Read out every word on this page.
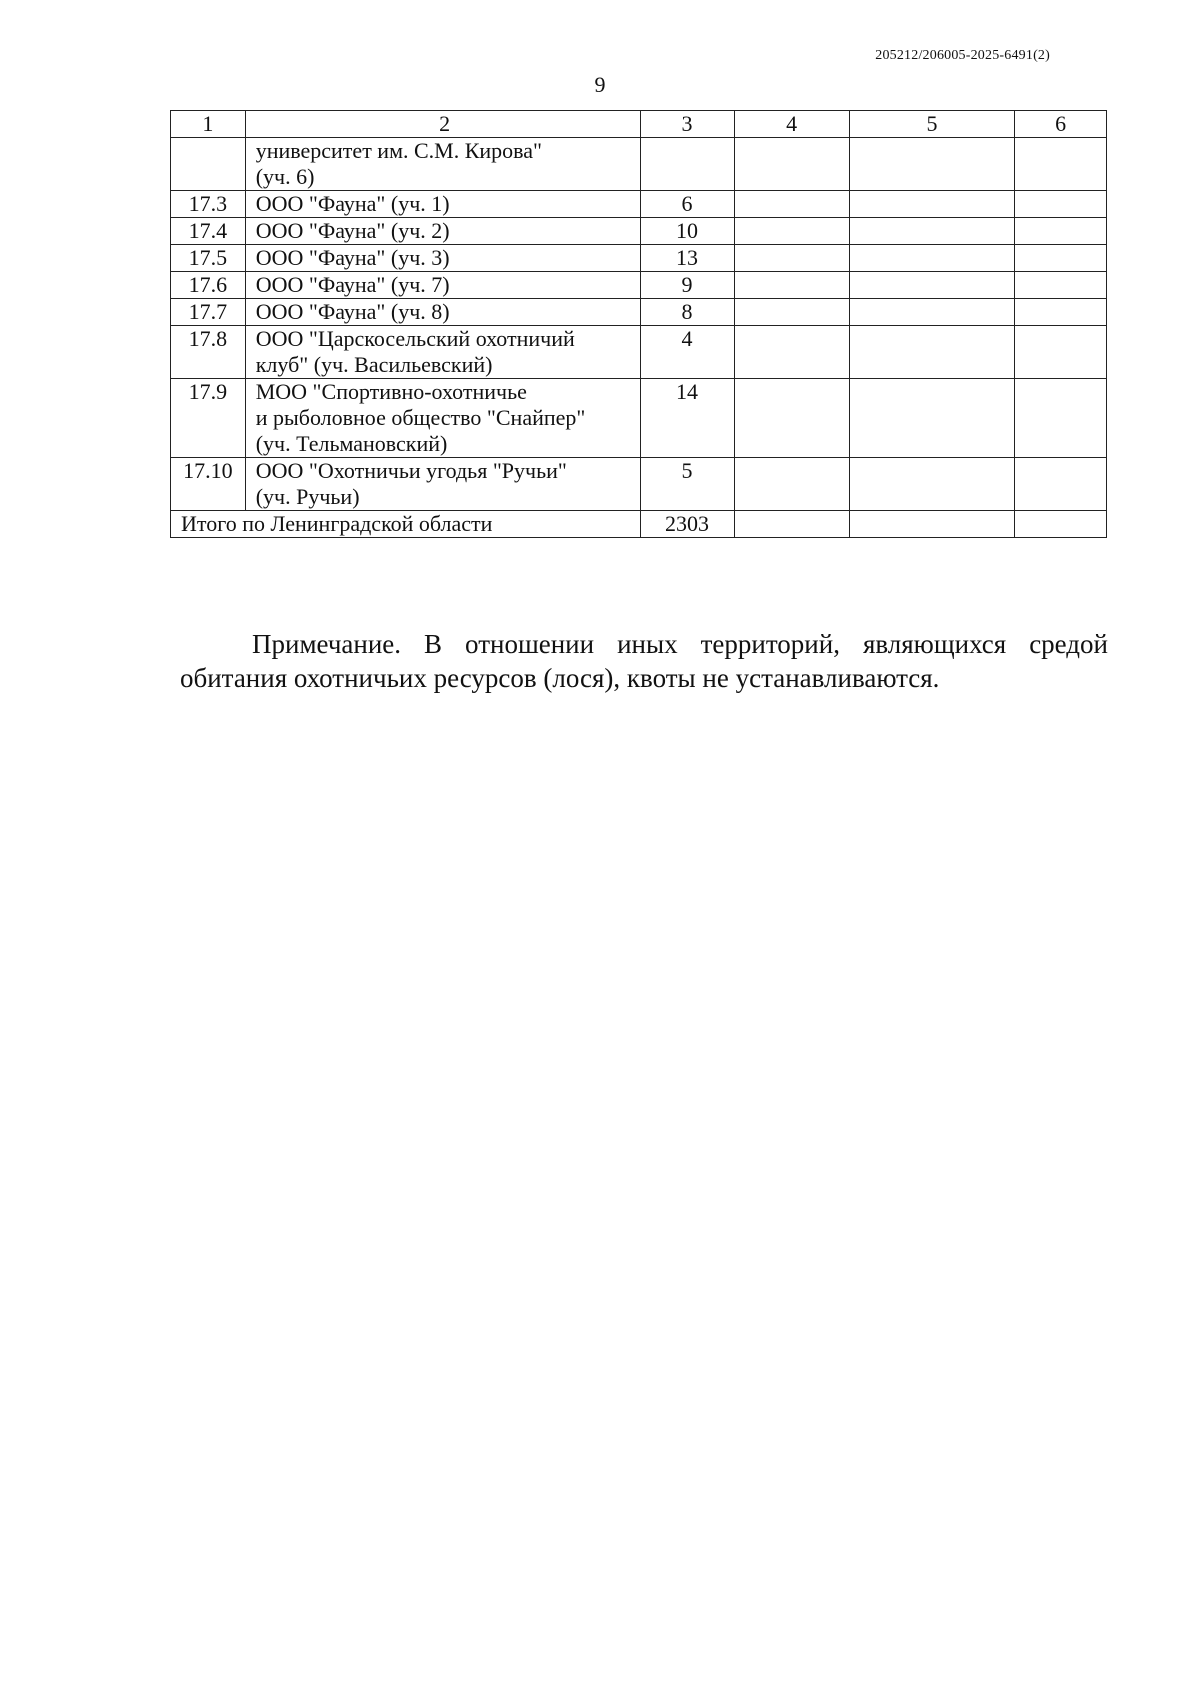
205212/206005-2025-6491(2)
9
1	2	3	4	5	6

	университет им. С.М. Кирова"
(уч. 6)				

17.3	ООО "Фауна" (уч. 1)	6			
17.4	ООО "Фауна" (уч. 2)	10			
17.5	ООО "Фауна" (уч. 3)	13			
17.6	ООО "Фауна" (уч. 7)	9			
17.7	ООО "Фауна" (уч. 8)	8			
17.8	ООО "Царскосельский охотничий
клуб" (уч. Васильевский)	4			
17.9	МОО "Спортивно-охотничье
и рыболовное общество "Снайпер"
(уч. Тельмановский)	14			
17.10	ООО "Охотничьи угодья "Ручьи"
(уч. Ручьи)	5			
Итого по Ленинградской области		2303			

Примечание. В отношении иных территорий, являющихся средой обитания охотничьих ресурсов (лося), квоты не устанавливаются.
